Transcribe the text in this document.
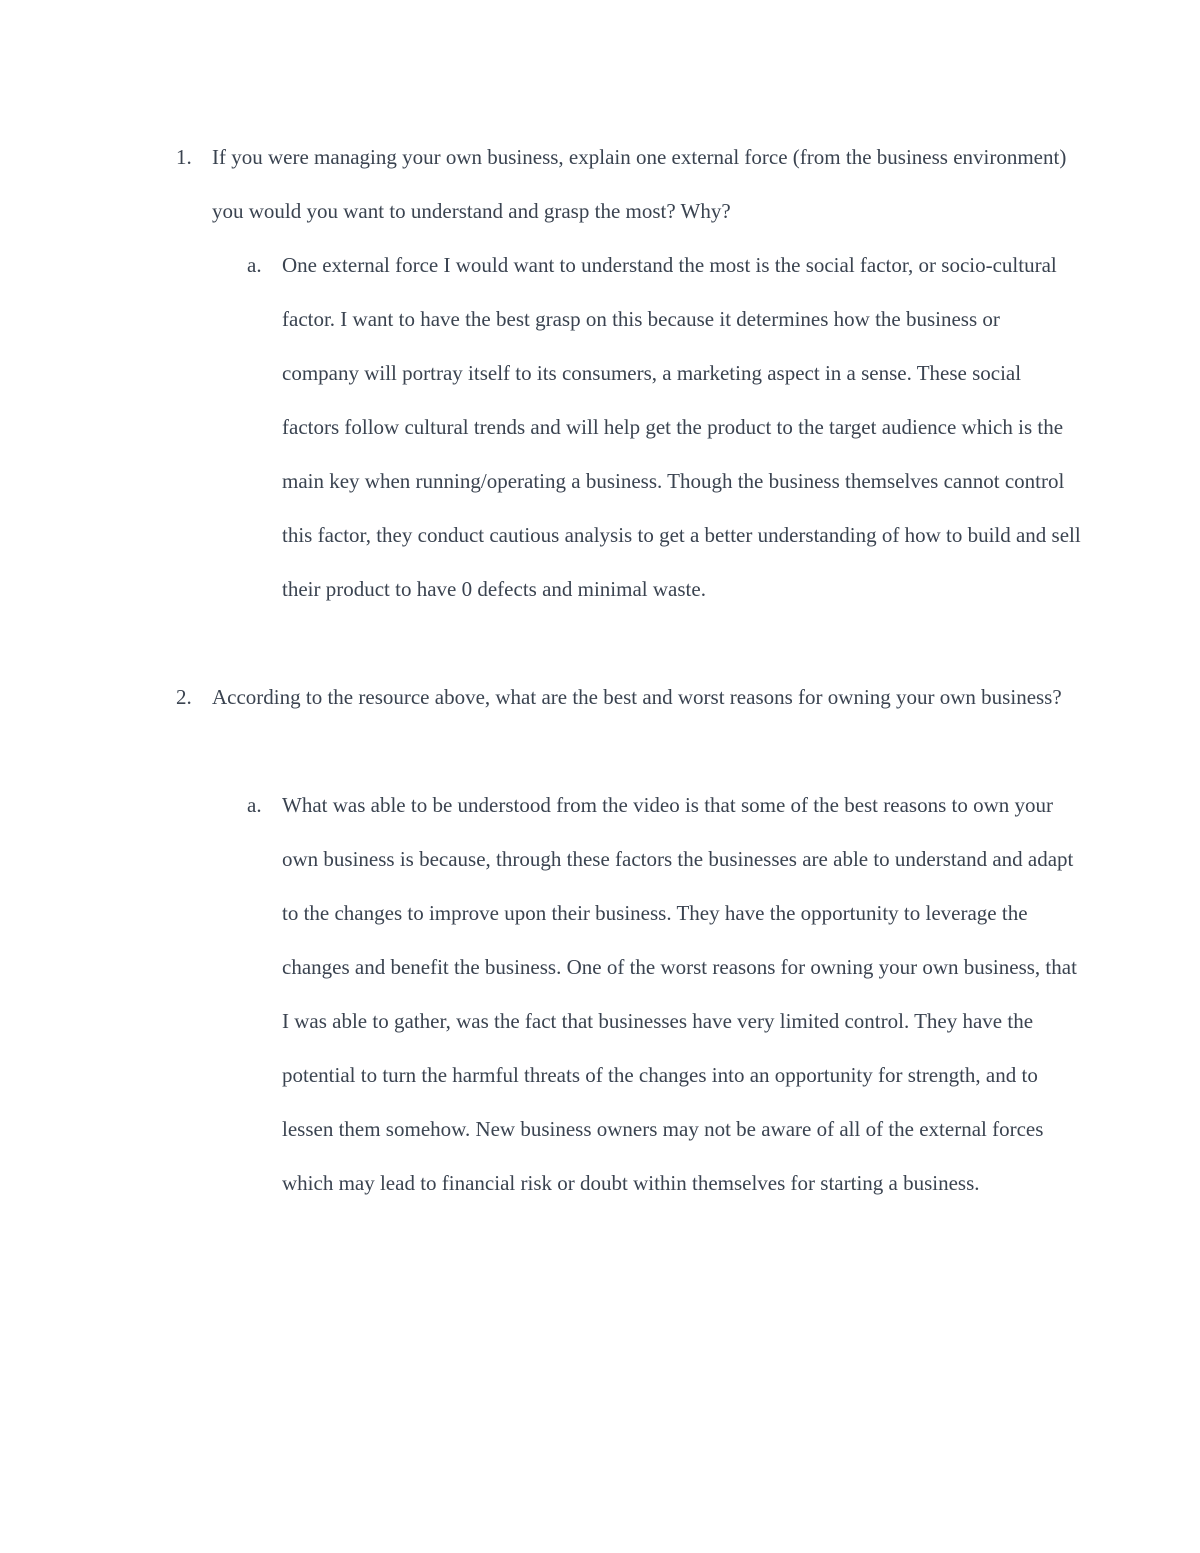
1. If you were managing your own business, explain one external force (from the business environment) you would you want to understand and grasp the most? Why?

a. One external force I would want to understand the most is the social factor, or socio-cultural factor. I want to have the best grasp on this because it determines how the business or company will portray itself to its consumers, a marketing aspect in a sense. These social factors follow cultural trends and will help get the product to the target audience which is the main key when running/operating a business. Though the business themselves cannot control this factor, they conduct cautious analysis to get a better understanding of how to build and sell their product to have 0 defects and minimal waste.

2. According to the resource above, what are the best and worst reasons for owning your own business?

a. What was able to be understood from the video is that some of the best reasons to own your own business is because, through these factors the businesses are able to understand and adapt to the changes to improve upon their business. They have the opportunity to leverage the changes and benefit the business. One of the worst reasons for owning your own business, that I was able to gather, was the fact that businesses have very limited control. They have the potential to turn the harmful threats of the changes into an opportunity for strength, and to lessen them somehow. New business owners may not be aware of all of the external forces which may lead to financial risk or doubt within themselves for starting a business.
